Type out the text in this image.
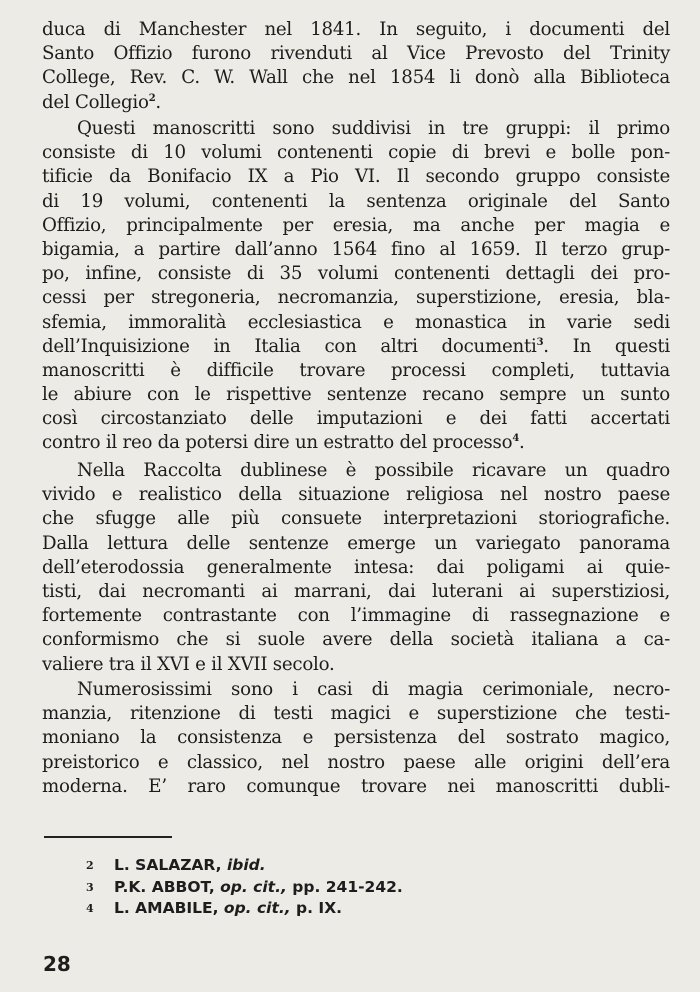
duca di Manchester nel 1841. In seguito, i documenti del
Santo Offizio furono rivenduti al Vice Prevosto del Trinity
College, Rev. C. W. Wall che nel 1854 li donò alla Biblioteca
del Collegio$^2$.
Questi manoscritti sono suddivisi in tre gruppi: il primo
consiste di 10 volumi contenenti copie di brevi e bolle pon-
tificie da Bonifacio IX a Pio VI. Il secondo gruppo consiste
di 19 volumi, contenenti la sentenza originale del Santo
Offizio, principalmente per eresia, ma anche per magia e
bigamia, a partire dall’anno 1564 fino al 1659. Il terzo grup-
po, infine, consiste di 35 volumi contenenti dettagli dei pro-
cessi per stregoneria, necromanzia, superstizione, eresia, bla-
sfemia, immoralità ecclesiastica e monastica in varie sedi
dell’Inquisizione in Italia con altri documenti$^3$. In questi
manoscritti è difficile trovare processi completi, tuttavia
le abiure con le rispettive sentenze recano sempre un sunto
così circostanziato delle imputazioni e dei fatti accertati
contro il reo da potersi dire un estratto del processo$^4$.
Nella Raccolta dublinese è possibile ricavare un quadro
vivido e realistico della situazione religiosa nel nostro paese
che sfugge alle più consuete interpretazioni storiografiche.
Dalla lettura delle sentenze emerge un variegato panorama
dell’eterodossia generalmente intesa: dai poligami ai quie-
tisti, dai necromanti ai marrani, dai luterani ai superstiziosi,
fortemente contrastante con l’immagine di rassegnazione e
conformismo che si suole avere della società italiana a ca-
valiere tra il XVI e il XVII secolo.
Numerosissimi sono i casi di magia cerimoniale, necro-
manzia, ritenzione di testi magici e superstizione che testi-
moniano la consistenza e persistenza del sostrato magico,
preistorico e classico, nel nostro paese alle origini dell’era
moderna. E’ raro comunque trovare nei manoscritti dubli-
2 L. SALAZAR, ibid.
3 P.K. ABBOT, op. cit., pp. 241-242.
4 L. AMABILE, op. cit., p. IX.
28
